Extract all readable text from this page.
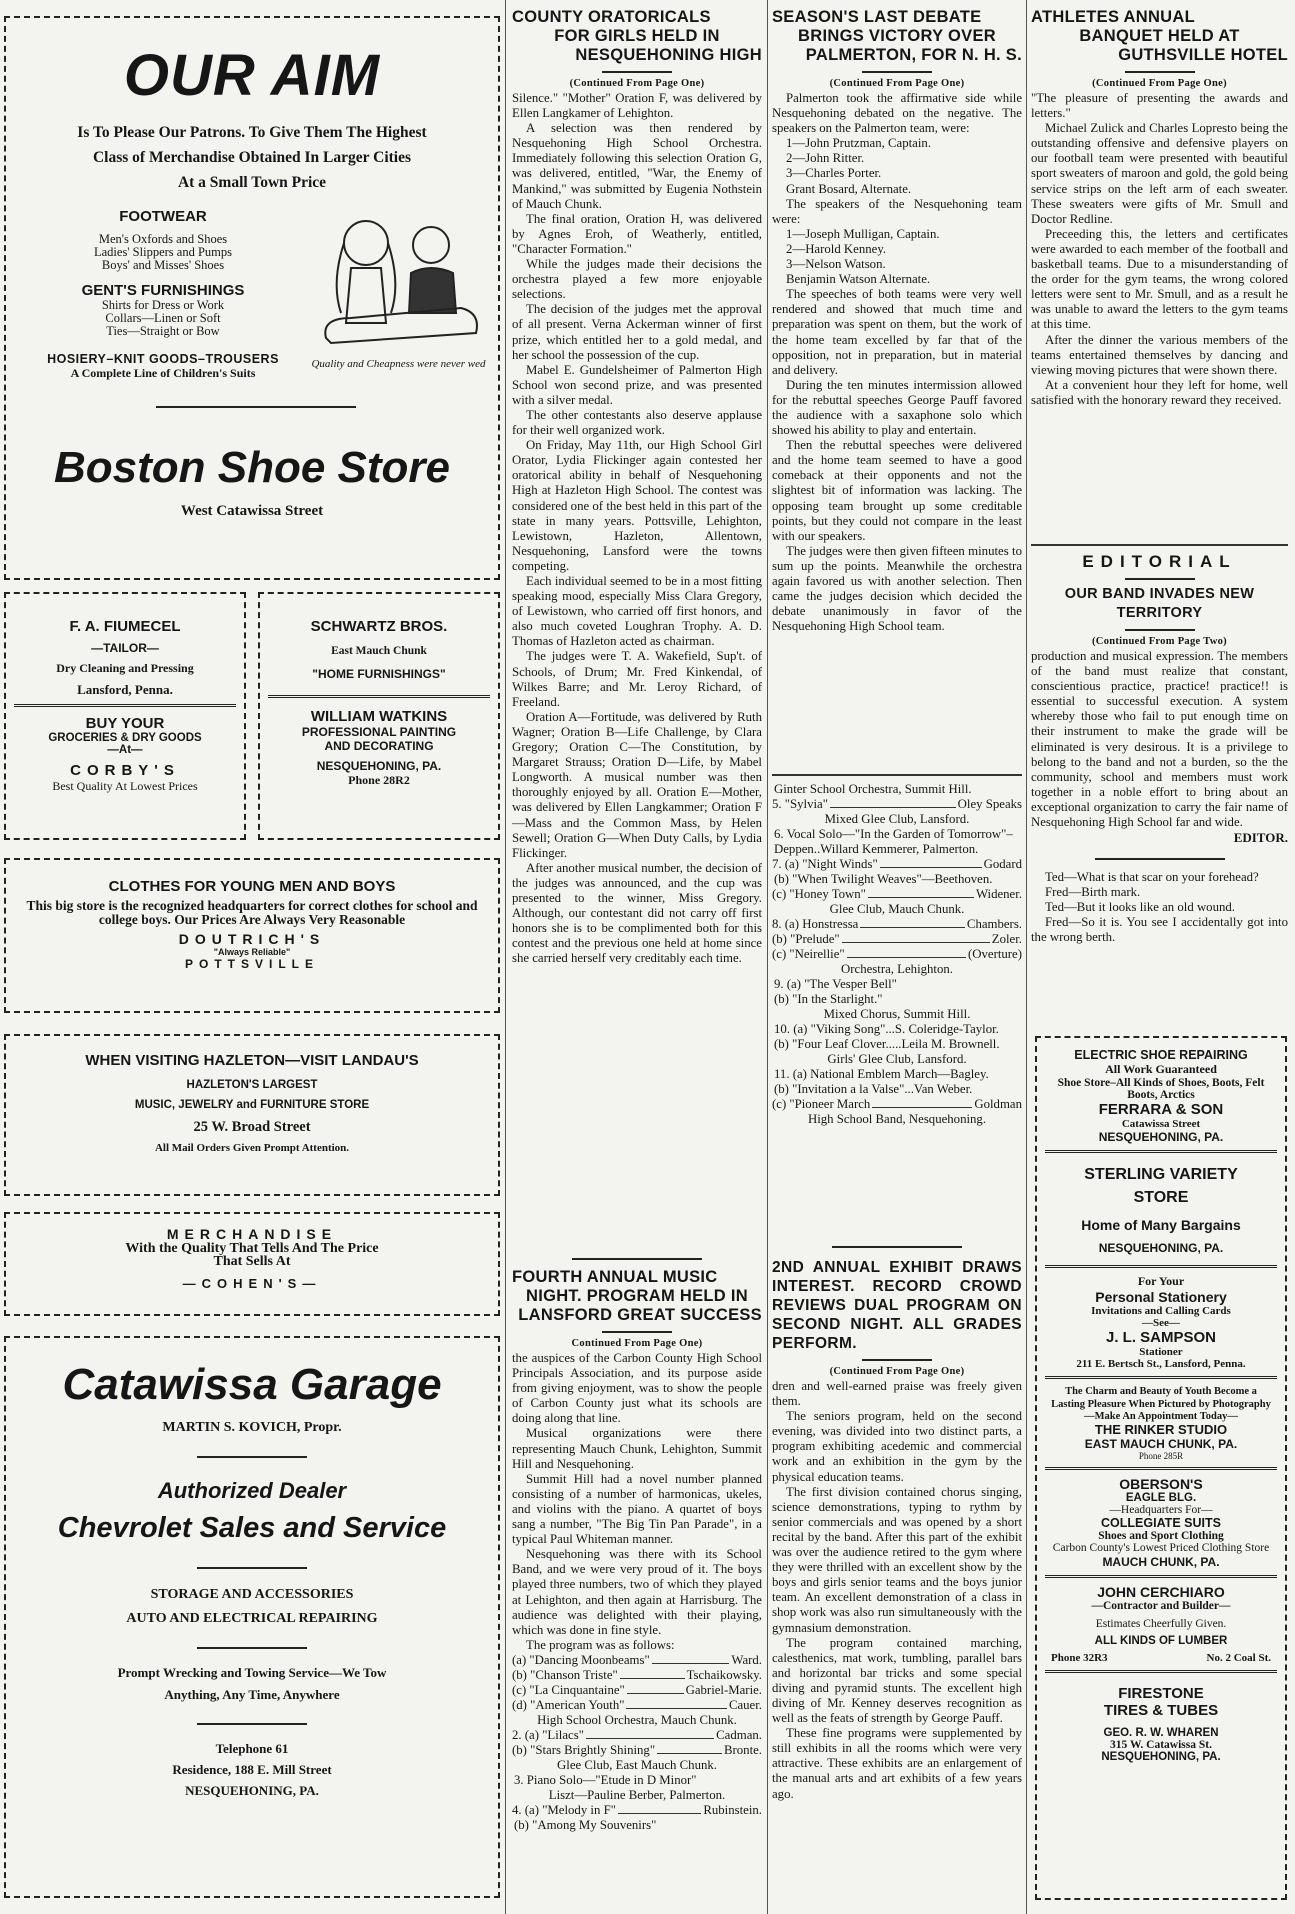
OUR AIM
Is To Please Our Patrons. To Give Them The Highest
Class of Merchandise Obtained In Larger Cities
At a Small Town Price
FOOTWEAR
Men's Oxfords and Shoes
Ladies' Slippers and Pumps
Boys' and Misses' Shoes
GENT'S FURNISHINGS
Shirts for Dress or Work
Collars—Linen or Soft
Ties—Straight or Bow
HOSIERY–KNIT GOODS–TROUSERS
A Complete Line of Children's Suits
Quality and Cheapness were never wed
Boston Shoe Store
West Catawissa Street
F. A. FIUMECEL
—TAILOR—
Dry Cleaning and Pressing
Lansford, Penna.
BUY YOUR
GROCERIES & DRY GOODS
—At—
CORBY'S
Best Quality At Lowest Prices
SCHWARTZ BROS.
East Mauch Chunk
"HOME FURNISHINGS"
WILLIAM WATKINS
PROFESSIONAL PAINTING
AND DECORATING
NESQUEHONING, PA.
Phone 28R2
CLOTHES FOR YOUNG MEN AND BOYS
This big store is the recognized headquarters for correct clothes for school and college boys. Our Prices Are Always Very Reasonable
DOUTRICH'S
"Always Reliable"
POTTSVILLE
WHEN VISITING HAZLETON—VISIT LANDAU'S
HAZLETON'S LARGEST
MUSIC, JEWELRY and FURNITURE STORE
25 W. Broad Street
All Mail Orders Given Prompt Attention.
MERCHANDISE
With the Quality That Tells And The Price
That Sells At
—COHEN'S—
Catawissa Garage
MARTIN S. KOVICH, Propr.
Authorized Dealer
Chevrolet Sales and Service
STORAGE AND ACCESSORIES
AUTO AND ELECTRICAL REPAIRING
Prompt Wrecking and Towing Service—We Tow
Anything, Any Time, Anywhere
Telephone 61
Residence, 188 E. Mill Street
NESQUEHONING, PA.
COUNTY ORATORICALS
FOR GIRLS HELD IN
NESQUEHONING HIGH
(Continued From Page One)

Silence." "Mother" Oration F, was delivered by Ellen Langkamer of Lehighton.

A selection was then rendered by Nesquehoning High School Orchestra. Immediately following this selection Oration G, was delivered, entitled, "War, the Enemy of Mankind," was submitted by Eugenia Nothstein of Mauch Chunk.

The final oration, Oration H, was delivered by Agnes Eroh, of Weatherly, entitled, "Character Formation."

While the judges made their decisions the orchestra played a few more enjoyable selections.

The decision of the judges met the approval of all present. Verna Ackerman winner of first prize, which entitled her to a gold medal, and her school the possession of the cup.

Mabel E. Gundelsheimer of Palmerton High School won second prize, and was presented with a silver medal.

The other contestants also deserve applause for their well organized work.

On Friday, May 11th, our High School Girl Orator, Lydia Flickinger again contested her oratorical ability in behalf of Nesquehoning High at Hazleton High School. The contest was considered one of the best held in this part of the state in many years. Pottsville, Lehighton, Lewistown, Hazleton, Allentown, Nesquehoning, Lansford were the towns competing.

Each individual seemed to be in a most fitting speaking mood, especially Miss Clara Gregory, of Lewistown, who carried off first honors, and also much coveted Loughran Trophy. A. D. Thomas of Hazleton acted as chairman.

The judges were T. A. Wakefield, Sup't. of Schools, of Drum; Mr. Fred Kinkendal, of Wilkes Barre; and Mr. Leroy Richard, of Freeland.

Oration A—Fortitude, was delivered by Ruth Wagner; Oration B—Life Challenge, by Clara Gregory; Oration C—The Constitution, by Margaret Strauss; Oration D—Life, by Mabel Longworth. A musical number was then thoroughly enjoyed by all. Oration E—Mother, was delivered by Ellen Langkammer; Oration F—Mass and the Common Mass, by Helen Sewell; Oration G—When Duty Calls, by Lydia Flickinger.

After another musical number, the decision of the judges was announced, and the cup was presented to the winner, Miss Gregory. Although, our contestant did not carry off first honors she is to be complimented both for this contest and the previous one held at home since she carried herself very creditably each time.

FOURTH ANNUAL MUSIC
NIGHT. PROGRAM HELD IN
LANSFORD GREAT SUCCESS
Continued From Page One)

the auspices of the Carbon County High School Principals Association, and its purpose aside from giving enjoyment, was to show the people of Carbon County just what its schools are doing along that line.

Musical organizations were there representing Mauch Chunk, Lehighton, Summit Hill and Nesquehoning.

Summit Hill had a novel number planned consisting of a number of harmonicas, ukeles, and violins with the piano. A quartet of boys sang a number, "The Big Tin Pan Parade", in a typical Paul Whiteman manner.

Nesquehoning was there with its School Band, and we were very proud of it. The boys played three numbers, two of which they played at Lehighton, and then again at Harrisburg. The audience was delighted with their playing, which was done in fine style.

The program was as follows:

(a) "Dancing Moonbeams"	Ward.
(b) "Chanson Triste"	Tschaikowsky.
(c) "La Cinquantaine"	Gabriel-Marie.
(d) "American Youth"	Cauer.
High School Orchestra, Mauch Chunk.
2. (a) "Lilacs"	Cadman.
(b) "Stars Brightly Shining"	Bronte.
Glee Club, East Mauch Chunk.
3. Piano Solo—"Etude in D Minor"
Liszt—Pauline Berber, Palmerton.
4. (a) "Melody in F"	Rubinstein.
(b) "Among My Souvenirs"
SEASON'S LAST DEBATE
BRINGS VICTORY OVER
PALMERTON, FOR N. H. S.
(Continued From Page One)

Palmerton took the affirmative side while Nesquehoning debated on the negative. The speakers on the Palmerton team, were:

1—John Prutzman, Captain.

2—John Ritter.

3—Charles Porter.

Grant Bosard, Alternate.

The speakers of the Nesquehoning team were:

1—Joseph Mulligan, Captain.

2—Harold Kenney.

3—Nelson Watson.

Benjamin Watson Alternate.

The speeches of both teams were very well rendered and showed that much time and preparation was spent on them, but the work of the home team excelled by far that of the opposition, not in preparation, but in material and delivery.

During the ten minutes intermission allowed for the rebuttal speeches George Pauff favored the audience with a saxaphone solo which showed his ability to play and entertain.

Then the rebuttal speeches were delivered and the home team seemed to have a good comeback at their opponents and not the slightest bit of information was lacking. The opposing team brought up some creditable points, but they could not compare in the least with our speakers.

The judges were then given fifteen minutes to sum up the points. Meanwhile the orchestra again favored us with another selection. Then came the judges decision which decided the debate unanimously in favor of the Nesquehoning High School team.

Ginter School Orchestra, Summit Hill.
5. "Sylvia"	Oley Speaks
Mixed Glee Club, Lansford.
6. Vocal Solo—"In the Garden of Tomorrow"–Deppen..Willard Kemmerer, Palmerton.
7. (a) "Night Winds"	Godard
(b) "When Twilight Weaves"—Beethoven.
(c) "Honey Town"	Widener.
Glee Club, Mauch Chunk.
8. (a) Honstressa	Chambers.
(b) "Prelude"	Zoler.
(c) "Neirellie"	(Overture)
Orchestra, Lehighton.
9. (a) "The Vesper Bell"
(b) "In the Starlight."
Mixed Chorus, Summit Hill.
10. (a) "Viking Song"...S. Coleridge-Taylor.
(b) "Four Leaf Clover.....Leila M. Brownell.
Girls' Glee Club, Lansford.
11. (a) National Emblem March—Bagley.
(b) "Invitation a la Valse"...Van Weber.
(c) "Pioneer March	Goldman
High School Band, Nesquehoning.
2ND ANNUAL EXHIBIT DRAWS INTEREST. RECORD CROWD REVIEWS DUAL PROGRAM ON SECOND NIGHT. ALL GRADES PERFORM.
(Continued From Page One)

dren and well-earned praise was freely given them.

The seniors program, held on the second evening, was divided into two distinct parts, a program exhibiting acedemic and commercial work and an exhibition in the gym by the physical education teams.

The first division contained chorus singing, science demonstrations, typing to rythm by senior commercials and was opened by a short recital by the band. After this part of the exhibit was over the audience retired to the gym where they were thrilled with an excellent show by the boys and girls senior teams and the boys junior team. An excellent demonstration of a class in shop work was also run simultaneously with the gymnasium demonstration.

The program contained marching, calesthenics, mat work, tumbling, parallel bars and horizontal bar tricks and some special diving and pyramid stunts. The excellent high diving of Mr. Kenney deserves recognition as well as the feats of strength by George Pauff.

These fine programs were supplemented by still exhibits in all the rooms which were very attractive. These exhibits are an enlargement of the manual arts and art exhibits of a few years ago.

ATHLETES ANNUAL
BANQUET HELD AT
GUTHSVILLE HOTEL
(Continued From Page One)

"The pleasure of presenting the awards and letters."

Michael Zulick and Charles Lopresto being the outstanding offensive and defensive players on our football team were presented with beautiful sport sweaters of maroon and gold, the gold being service strips on the left arm of each sweater. These sweaters were gifts of Mr. Smull and Doctor Redline.

Preceeding this, the letters and certificates were awarded to each member of the football and basketball teams. Due to a misunderstanding of the order for the gym teams, the wrong colored letters were sent to Mr. Smull, and as a result he was unable to award the letters to the gym teams at this time.

After the dinner the various members of the teams entertained themselves by dancing and viewing moving pictures that were shown there.

At a convenient hour they left for home, well satisfied with the honorary reward they received.

EDITORIAL
OUR BAND INVADES NEW TERRITORY
(Continued From Page Two)

production and musical expression. The members of the band must realize that constant, conscientious practice, practice! practice!! is essential to successful execution. A system whereby those who fail to put enough time on their instrument to make the grade will be eliminated is very desirous. It is a privilege to belong to the band and not a burden, so the the community, school and members must work together in a noble effort to bring about an exceptional organization to carry the fair name of Nesquehoning High School far and wide.

EDITOR.

Ted—What is that scar on your forehead?

Fred—Birth mark.

Ted—But it looks like an old wound.

Fred—So it is. You see I accidentally got into the wrong berth.

ELECTRIC SHOE REPAIRING
All Work Guaranteed
Shoe Store–All Kinds of Shoes, Boots, Felt Boots, Arctics
FERRARA & SON
Catawissa Street
NESQUEHONING, PA.
STERLING VARIETY STORE
Home of Many Bargains
NESQUEHONING, PA.
For Your
Personal Stationery
Invitations and Calling Cards
—See—
J. L. SAMPSON
Stationer
211 E. Bertsch St., Lansford, Penna.
The Charm and Beauty of Youth Become a Lasting Pleasure When Pictured by Photography
—Make An Appointment Today—
THE RINKER STUDIO
EAST MAUCH CHUNK, PA.
Phone 285R
OBERSON'S
EAGLE BLG.
—Headquarters For—
COLLEGIATE SUITS
Shoes and Sport Clothing
Carbon County's Lowest Priced Clothing Store
MAUCH CHUNK, PA.
JOHN CERCHIARO
—Contractor and Builder—
Estimates Cheerfully Given.
ALL KINDS OF LUMBER
Phone 32R3	No. 2 Coal St.
FIRESTONE
TIRES & TUBES
GEO. R. W. WHAREN
315 W. Catawissa St.
NESQUEHONING, PA.
